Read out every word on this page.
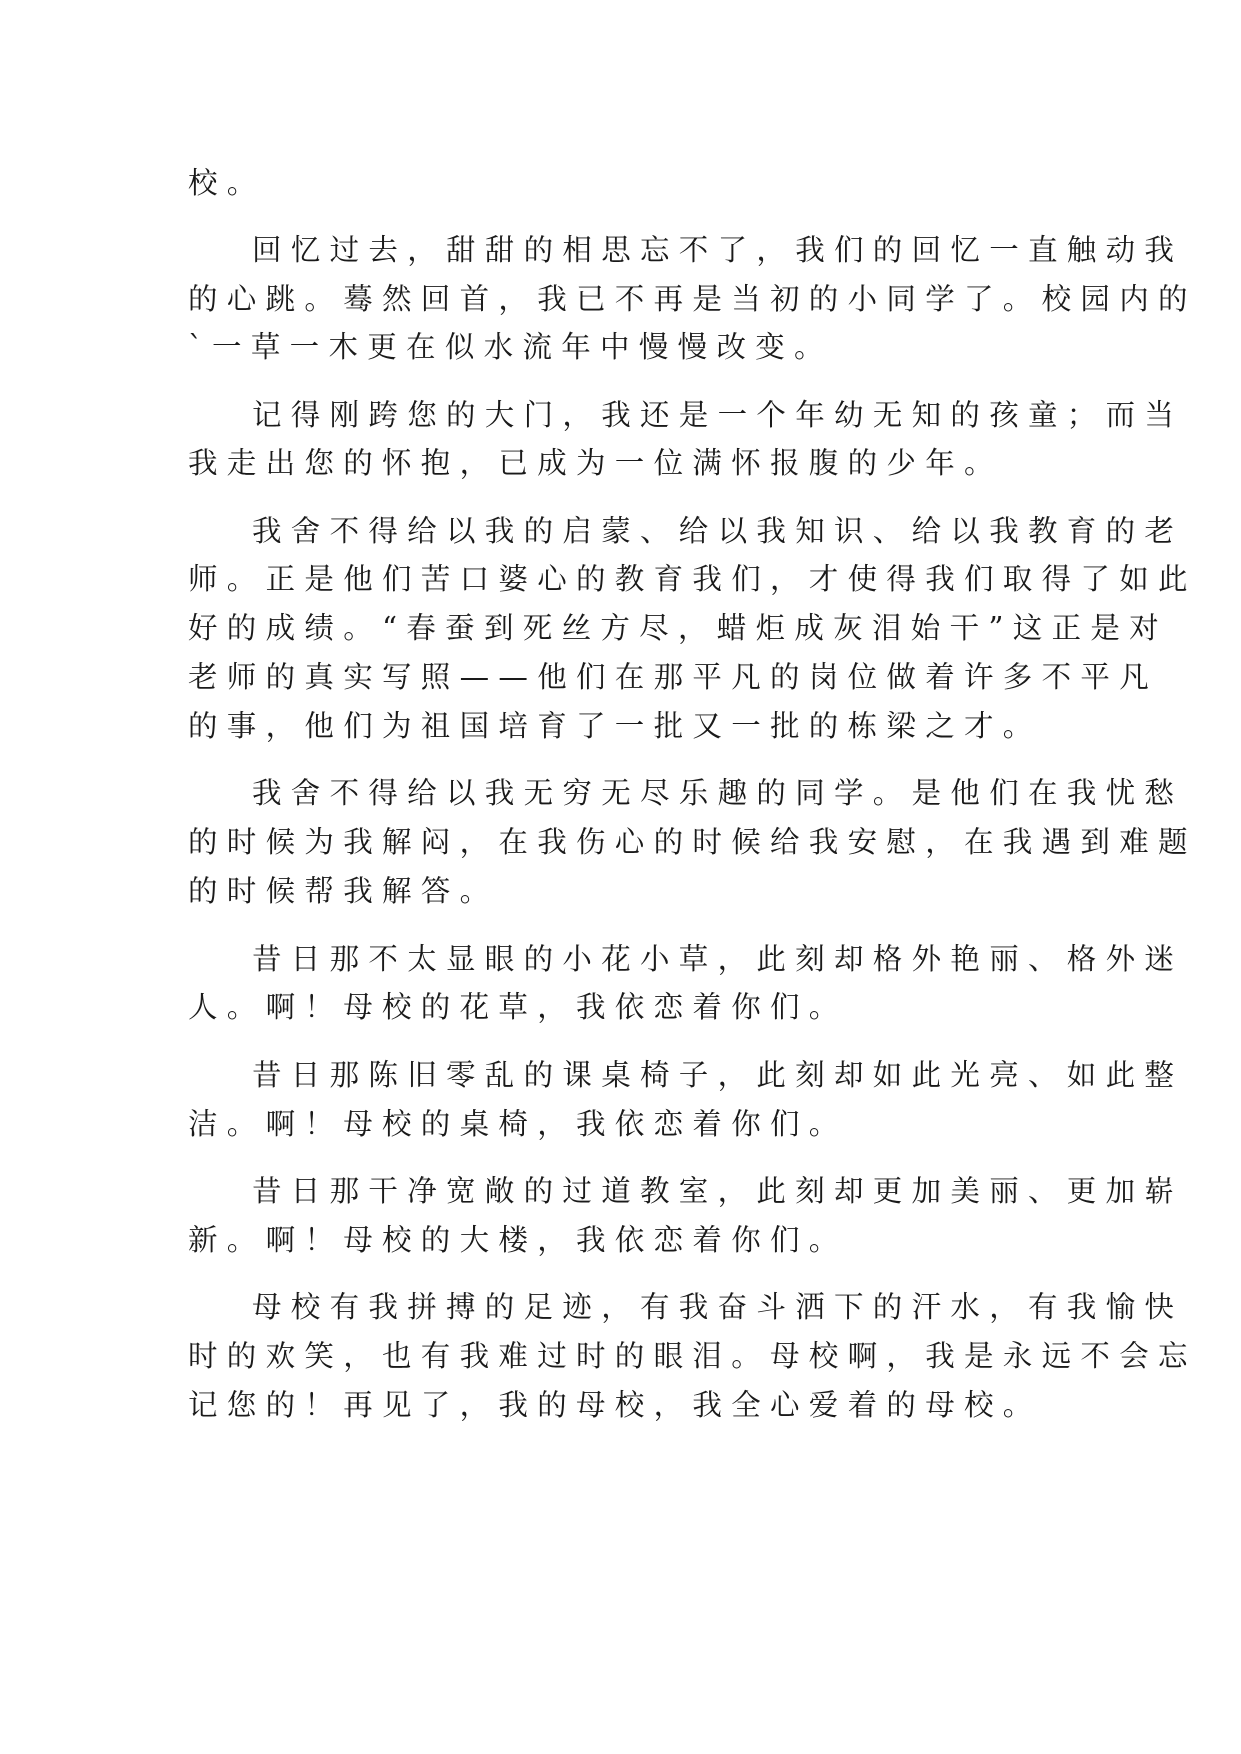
校。

回忆过去，甜甜的相思忘不了，我们的回忆一直触动我

的心跳。蓦然回首，我已不再是当初的小同学了。校园内的

`一草一木更在似水流年中慢慢改变。

记得刚跨您的大门，我还是一个年幼无知的孩童；而当

我走出您的怀抱，已成为一位满怀报腹的少年。

我舍不得给以我的启蒙、给以我知识、给以我教育的老

师。正是他们苦口婆心的教育我们，才使得我们取得了如此

好的成绩。“春蚕到死丝方尽，蜡炬成灰泪始干”这正是对

老师的真实写照——他们在那平凡的岗位做着许多不平凡

的事，他们为祖国培育了一批又一批的栋梁之才。

我舍不得给以我无穷无尽乐趣的同学。是他们在我忧愁

的时候为我解闷，在我伤心的时候给我安慰，在我遇到难题

的时候帮我解答。

昔日那不太显眼的小花小草，此刻却格外艳丽、格外迷

人。啊！母校的花草，我依恋着你们。

昔日那陈旧零乱的课桌椅子，此刻却如此光亮、如此整

洁。啊！母校的桌椅，我依恋着你们。

昔日那干净宽敞的过道教室，此刻却更加美丽、更加崭

新。啊！母校的大楼，我依恋着你们。

母校有我拼搏的足迹，有我奋斗洒下的汗水，有我愉快

时的欢笑，也有我难过时的眼泪。母校啊，我是永远不会忘

记您的！再见了，我的母校，我全心爱着的母校。
